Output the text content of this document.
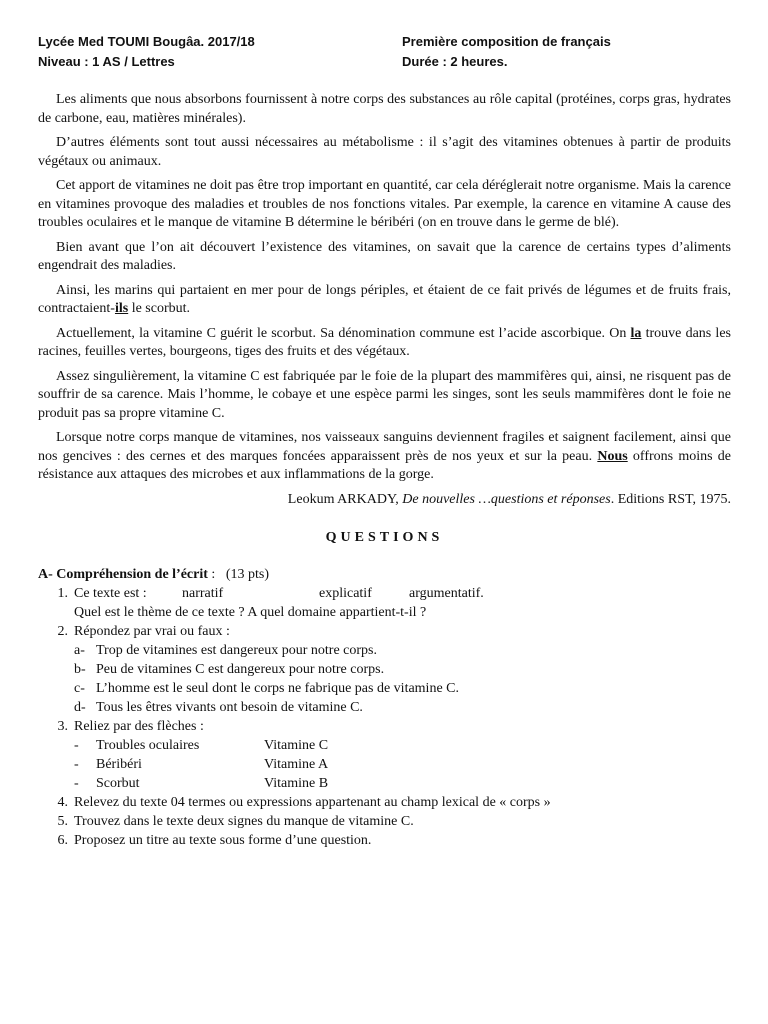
Lycée Med TOUMI Bougâa. 2017/18	Première composition de français
Niveau : 1 AS / Lettres	Durée : 2 heures.

Les aliments que nous absorbons fournissent à notre corps des substances au rôle capital (protéines, corps gras, hydrates de carbone, eau, matières minérales).

D’autres éléments sont tout aussi nécessaires au métabolisme : il s’agit des vitamines obtenues à partir de produits végétaux ou animaux.

Cet apport de vitamines ne doit pas être trop important en quantité, car cela déréglerait notre organisme. Mais la carence en vitamines provoque des maladies et troubles de nos fonctions vitales. Par exemple, la carence en vitamine A cause des troubles oculaires et le manque de vitamine B détermine le béribéri (on en trouve dans le germe de blé).

Bien avant que l’on ait découvert l’existence des vitamines, on savait que la carence de certains types d’aliments engendrait des maladies.

Ainsi, les marins qui partaient en mer pour de longs périples, et étaient de ce fait privés de légumes et de fruits frais, contractaient-ils le scorbut.

Actuellement, la vitamine C guérit le scorbut. Sa dénomination commune est l’acide ascorbique. On la trouve dans les racines, feuilles vertes, bourgeons, tiges des fruits et des végétaux.

Assez singulièrement, la vitamine C est fabriquée par le foie de la plupart des mammifères qui, ainsi, ne risquent pas de souffrir de sa carence. Mais l’homme, le cobaye et une espèce parmi les singes, sont les seuls mammifères dont le foie ne produit pas sa propre vitamine C.

Lorsque notre corps manque de vitamines, nos vaisseaux sanguins deviennent fragiles et saignent facilement, ainsi que nos gencives : des cernes et des marques foncées apparaissent près de nos yeux et sur la peau. Nous offrons moins de résistance aux attaques des microbes et aux inflammations de la gorge.

Leokum ARKADY, De nouvelles …questions et réponses. Editions RST, 1975.
QUESTIONS
A- Compréhension de l’écrit : (13 pts)
1. Ce texte est :	narratif	explicatif	argumentatif.
Quel est le thème de ce texte ? A quel domaine appartient-t-il ?
2. Répondez par vrai ou faux :
a- Trop de vitamines est dangereux pour notre corps.
b- Peu de vitamines C est dangereux pour notre corps.
c- L’homme est le seul dont le corps ne fabrique pas de vitamine C.
d- Tous les êtres vivants ont besoin de vitamine C.
3. Reliez par des flèches :
-	Troubles oculaires	Vitamine C
-	Béribéri	Vitamine A
-	Scorbut	Vitamine B
4. Relevez du texte 04 termes ou expressions appartenant au champ lexical de « corps »
5. Trouvez dans le texte deux signes du manque de vitamine C.
6. Proposez un titre au texte sous forme d’une question.
